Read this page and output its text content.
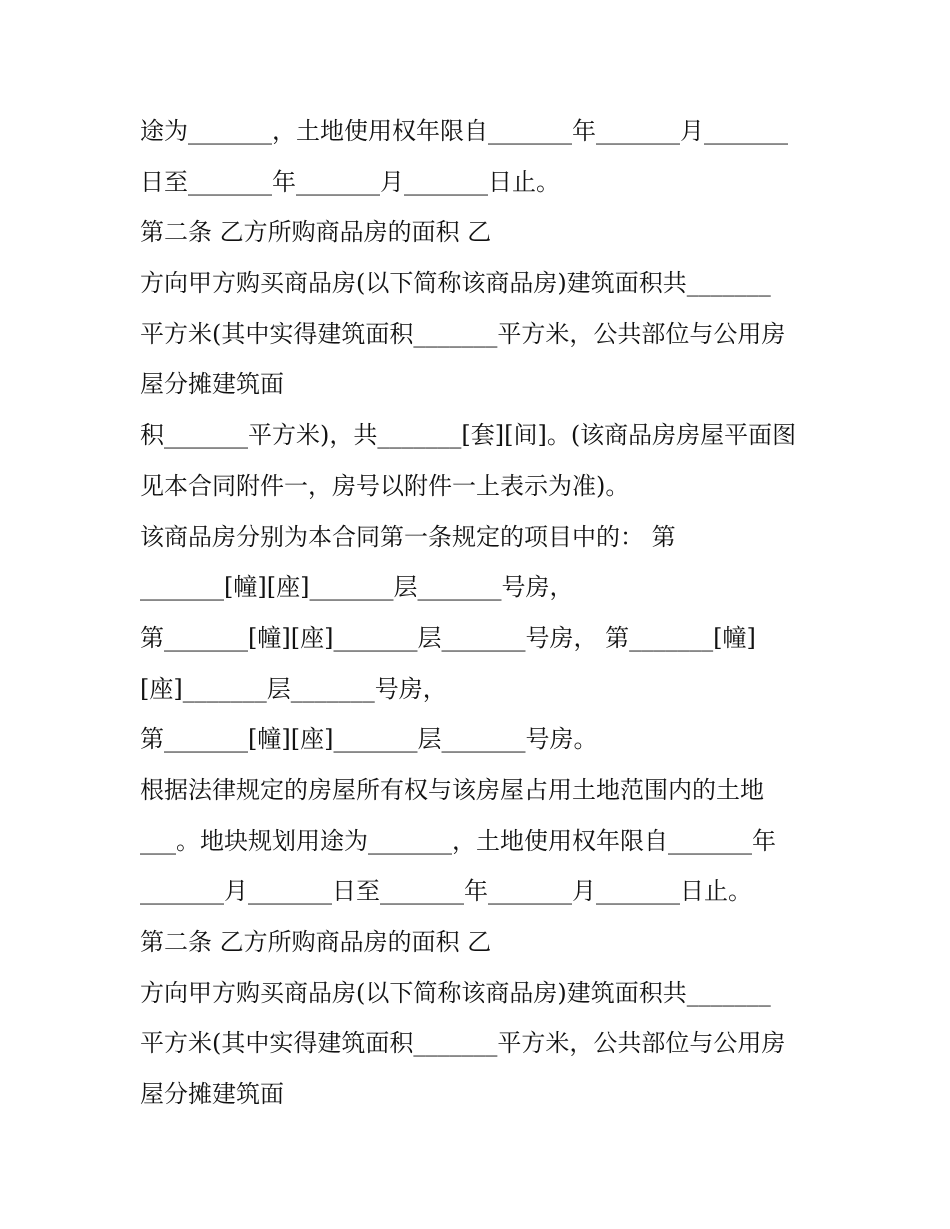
途为_______，土地使用权年限自_______年_______月_______
日至_______年_______月_______日止。
第二条 乙方所购商品房的面积 乙
方向甲方购买商品房(以下简称该商品房)建筑面积共_______
平方米(其中实得建筑面积_______平方米，公共部位与公用房
屋分摊建筑面
积_______平方米)，共_______[套][间]。(该商品房房屋平面图
见本合同附件一，房号以附件一上表示为准)。
该商品房分别为本合同第一条规定的项目中的： 第
_______[幢][座]_______层_______号房，
第_______[幢][座]_______层_______号房， 第_______[幢]
[座]_______层_______号房，
第_______[幢][座]_______层_______号房。
根据法律规定的房屋所有权与该房屋占用土地范围内的土地
___。地块规划用途为_______，土地使用权年限自_______年
_______月_______日至_______年_______月_______日止。
第二条 乙方所购商品房的面积 乙
方向甲方购买商品房(以下简称该商品房)建筑面积共_______
平方米(其中实得建筑面积_______平方米，公共部位与公用房
屋分摊建筑面
